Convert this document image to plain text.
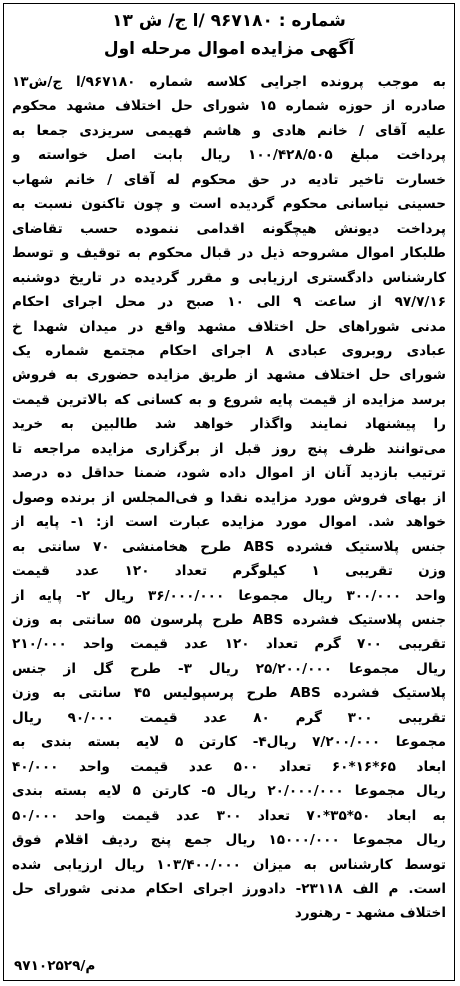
شماره : ۹۶۷۱۸۰ /ا ج/ ش ۱۳
آگهی مزایده اموال مرحله اول
به موجب پرونده اجرایی کلاسه شماره ۹۶۷۱۸۰/ا ج/ش۱۳
صادره از حوزه شماره ۱۵ شورای حل اختلاف مشهد محکوم
علیه آقای / خانم هادی و هاشم فهیمی سریزدی جمعا به
پرداخت مبلغ ۱۰۰/۴۲۸/۵۰۵ ریال بابت اصل خواسته و
خسارت تاخیر تادیه در حق محکوم له آقای / خانم شهاب
حسینی نیاسانی محکوم گردیده است و چون تاکنون نسبت به
پرداخت دیونش هیچگونه اقدامی ننموده حسب تقاضای
طلبکار اموال مشروحه ذیل در قبال محکوم به توقیف و توسط
کارشناس دادگستری ارزیابی و مقرر گردیده در تاریخ دوشنبه
۹۷/۷/۱۶ از ساعت ۹ الی ۱۰ صبح در محل اجرای احکام
مدنی شوراهای حل اختلاف مشهد واقع در میدان شهدا خ
عبادی روبروی عبادی ۸ اجرای احکام مجتمع شماره یک
شورای حل اختلاف مشهد از طریق مزایده حضوری به فروش
برسد مزایده از قیمت پایه شروع و به کسانی که بالاترین قیمت
را پیشنهاد نمایند واگذار خواهد شد طالبین به خرید
می‌توانند ظرف پنج روز قبل از برگزاری مزایده مراجعه تا
ترتیب بازدید آنان از اموال داده شود، ضمنا حداقل ده درصد
از بهای فروش مورد مزایده نقدا و فی‌المجلس از برنده وصول
خواهد شد. اموال مورد مزایده عبارت است از: ۱- پایه از
جنس پلاستیک فشرده ABS طرح هخامنشی ۷۰ سانتی به
وزن تقریبی ۱ کیلوگرم تعداد ۱۲۰ عدد قیمت
واحد ۳۰۰/۰۰۰ ریال مجموعا ۳۶/۰۰۰/۰۰۰ ریال ۲- پایه از
جنس پلاستیک فشرده ABS طرح پلرسون ۵۵ سانتی به وزن
تقریبی ۷۰۰ گرم تعداد ۱۲۰ عدد قیمت واحد ۲۱۰/۰۰۰
ریال مجموعا ۲۵/۲۰۰/۰۰۰ ریال ۳- طرح گل از جنس
پلاستیک فشرده ABS طرح پرسپولیس ۴۵ سانتی به وزن
تقریبی ۳۰۰ گرم ۸۰ عدد قیمت ۹۰/۰۰۰ ریال
مجموعا ۷/۲۰۰/۰۰۰ ریال۴- کارتن ۵ لایه بسته بندی به
ابعاد ۶۵*۱۶*۶۰ تعداد ۵۰۰ عدد قیمت واحد ۴۰/۰۰۰
ریال مجموعا ۲۰/۰۰۰/۰۰۰ ریال ۵- کارتن ۵ لایه بسته بندی
به ابعاد ۵۰*۳۵*۷۰ تعداد ۳۰۰ عدد قیمت واحد ۵۰/۰۰۰
ریال مجموعا ۱۵۰۰۰/۰۰۰ ریال جمع پنج ردیف اقلام فوق
توسط کارشناس به میزان ۱۰۳/۴۰۰/۰۰۰ ریال ارزیابی شده
است. م الف ۲۳۱۱۸- دادورز اجرای احکام مدنی شورای حل
اختلاف مشهد - رهنورد
۹۷۱۰۲۵۲۹/م
